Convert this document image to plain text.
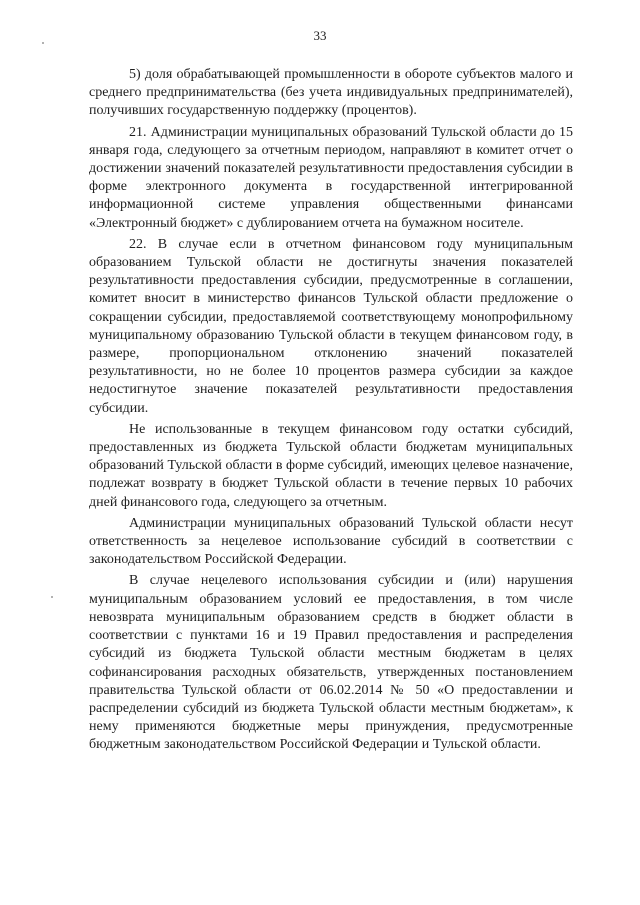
33

5) доля обрабатывающей промышленности в обороте субъектов малого и среднего предпринимательства (без учета индивидуальных предпринимателей), получивших государственную поддержку (процентов).

21. Администрации муниципальных образований Тульской области до 15 января года, следующего за отчетным периодом, направляют в комитет отчет о достижении значений показателей результативности предоставления субсидии в форме электронного документа в государственной интегрированной информационной системе управления общественными финансами «Электронный бюджет» с дублированием отчета на бумажном носителе.

22. В случае если в отчетном финансовом году муниципальным образованием Тульской области не достигнуты значения показателей результативности предоставления субсидии, предусмотренные в соглашении, комитет вносит в министерство финансов Тульской области предложение о сокращении субсидии, предоставляемой соответствующему монопрофильному муниципальному образованию Тульской области в текущем финансовом году, в размере, пропорциональном отклонению значений показателей результативности, но не более 10 процентов размера субсидии за каждое недостигнутое значение показателей результативности предоставления субсидии.

Не использованные в текущем финансовом году остатки субсидий, предоставленных из бюджета Тульской области бюджетам муниципальных образований Тульской области в форме субсидий, имеющих целевое назначение, подлежат возврату в бюджет Тульской области в течение первых 10 рабочих дней финансового года, следующего за отчетным.

Администрации муниципальных образований Тульской области несут ответственность за нецелевое использование субсидий в соответствии с законодательством Российской Федерации.

В случае нецелевого использования субсидии и (или) нарушения муниципальным образованием условий ее предоставления, в том числе невозврата муниципальным образованием средств в бюджет области в соответствии с пунктами 16 и 19 Правил предоставления и распределения субсидий из бюджета Тульской области местным бюджетам в целях софинансирования расходных обязательств, утвержденных постановлением правительства Тульской области от 06.02.2014 № 50 «О предоставлении и распределении субсидий из бюджета Тульской области местным бюджетам», к нему применяются бюджетные меры принуждения, предусмотренные бюджетным законодательством Российской Федерации и Тульской области.
